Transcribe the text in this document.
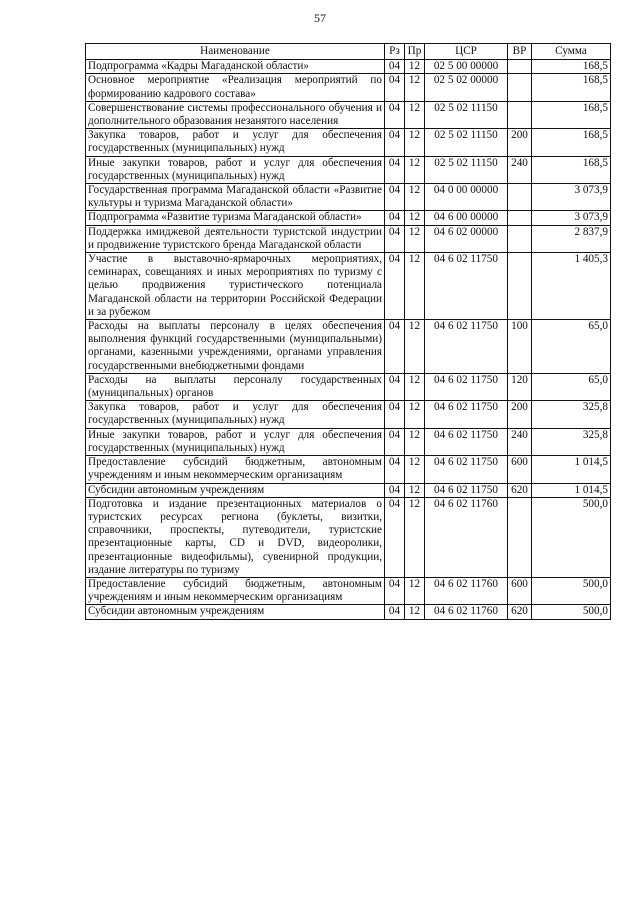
57
Наименование	Рз	Пр	ЦСР	ВР	Сумма
Подпрограмма «Кадры Магаданской области»	04	12	02 5 00 00000		168,5
Основное мероприятие «Реализация мероприятий по формированию кадрового состава»	04	12	02 5 02 00000		168,5
Совершенствование системы профессионального обучения и дополнительного образования незанятого населения	04	12	02 5 02 11150		168,5
Закупка товаров, работ и услуг для обеспечения государственных (муниципальных) нужд	04	12	02 5 02 11150	200	168,5
Иные закупки товаров, работ и услуг для обеспечения государственных (муниципальных) нужд	04	12	02 5 02 11150	240	168,5
Государственная программа Магаданской области «Развитие культуры и туризма Магаданской области»	04	12	04 0 00 00000		3 073,9
Подпрограмма «Развитие туризма Магаданской области»	04	12	04 6 00 00000		3 073,9
Поддержка имиджевой деятельности туристской индустрии и продвижение туристского бренда Магаданской области	04	12	04 6 02 00000		2 837,9
Участие в выставочно-ярмарочных мероприятиях, семинарах, совещаниях и иных мероприятиях по туризму с целью продвижения туристического потенциала Магаданской области на территории Российской Федерации и за рубежом	04	12	04 6 02 11750		1 405,3
Расходы на выплаты персоналу в целях обеспечения выполнения функций государственными (муниципальными) органами, казенными учреждениями, органами управления государственными внебюджетными фондами	04	12	04 6 02 11750	100	65,0
Расходы на выплаты персоналу государственных (муниципальных) органов	04	12	04 6 02 11750	120	65,0
Закупка товаров, работ и услуг для обеспечения государственных (муниципальных) нужд	04	12	04 6 02 11750	200	325,8
Иные закупки товаров, работ и услуг для обеспечения государственных (муниципальных) нужд	04	12	04 6 02 11750	240	325,8
Предоставление субсидий бюджетным, автономным учреждениям и иным некоммерческим организациям	04	12	04 6 02 11750	600	1 014,5
Субсидии автономным учреждениям	04	12	04 6 02 11750	620	1 014,5
Подготовка и издание презентационных материалов о туристских ресурсах региона (буклеты, визитки, справочники, проспекты, путеводители, туристские презентационные карты, CD и DVD, видеоролики, презентационные видеофильмы), сувенирной продукции, издание литературы по туризму	04	12	04 6 02 11760		500,0
Предоставление субсидий бюджетным, автономным учреждениям и иным некоммерческим организациям	04	12	04 6 02 11760	600	500,0
Субсидии автономным учреждениям	04	12	04 6 02 11760	620	500,0
